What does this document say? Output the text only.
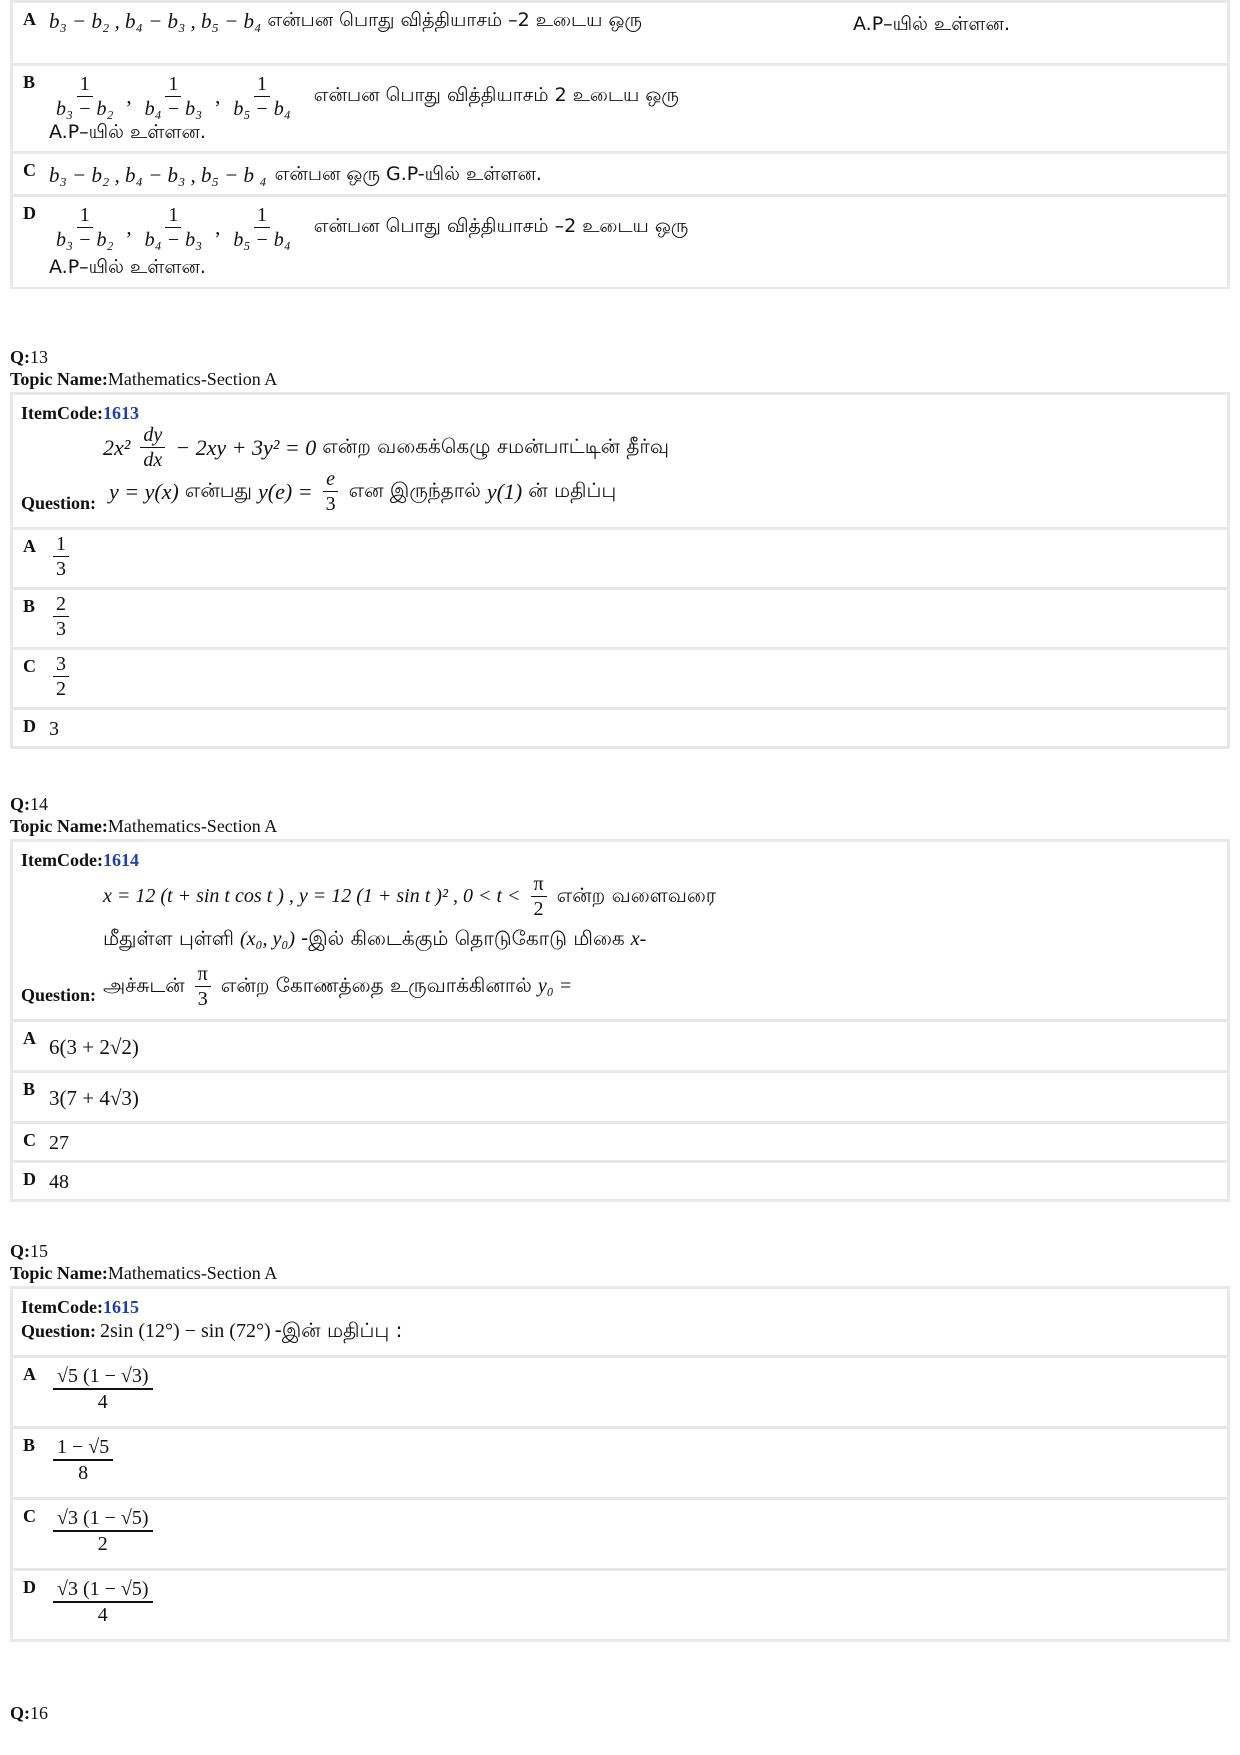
A b₃ − b₂ , b₄ − b₃ , b₅ − b₄ என்பன பொது வித்தியாசம் –2 உடைய ஒரு	A.P–யில் உள்ளன.
B $\frac{1}{\text{b₃ − b₂}}$ , $\frac{1}{\text{b₄ − b₃}}$ , $\frac{1}{\text{b₅ − b₄}}$ என்பன பொது வித்தியாசம் 2 உடைய ஒரு
A.P–யில் உள்ளன.
C b₃ − b₂ , b₄ − b₃ , b₅ − b ₄ என்பன ஒரு G.P-யில் உள்ளன.
D $\frac{1}{\text{b₃ − b₂}}$ , $\frac{1}{\text{b₄ − b₃}}$ , $\frac{1}{\text{b₅ − b₄}}$ என்பன பொது வித்தியாசம் –2 உடைய ஒரு
A.P–யில் உள்ளன.
Q:13
Topic Name:Mathematics-Section A
ItemCode:1613
$2x^2 \frac{dy}{dx} - 2xy + 3y^2 = 0$ என்ற வகைக்கெழு சமன்பாட்டின் தீர்வு
Question: y = y(x) என்பது $y(e) = \frac{e}{3}$ என இருந்தால் y(1) ன் மதிப்பு
A $\frac{1}{3}$
B $\frac{2}{3}$
C $\frac{3}{2}$
D 3
Q:14
Topic Name:Mathematics-Section A
ItemCode:1614
x = 12 (t + sin t cos t ) , y = 12 (1 + sin t )² , $0 < t < \frac{\pi}{2}$ என்ற வளைவரை
மீதுள்ள புள்ளி (x₀, y₀) -இல் கிடைக்கும் தொடுகோடு மிகை x-
அச்சுடன் $\frac{\pi}{3}$ என்ற கோணத்தை உருவாக்கினால் y₀ =
Question:
A 6(3 + 2√2)
B 3(7 + 4√3)
C 27
D 48
Q:15
Topic Name:Mathematics-Section A
ItemCode:1615
Question: 2sin (12°) − sin (72°) -இன் மதிப்பு :
A $\frac{√5 (1 - √3)}{4}$
B $\frac{1 - √5}{8}$
C $\frac{√3 (1 - √5)}{2}$
D $\frac{√3 (1 - √5)}{4}$
Q:16
